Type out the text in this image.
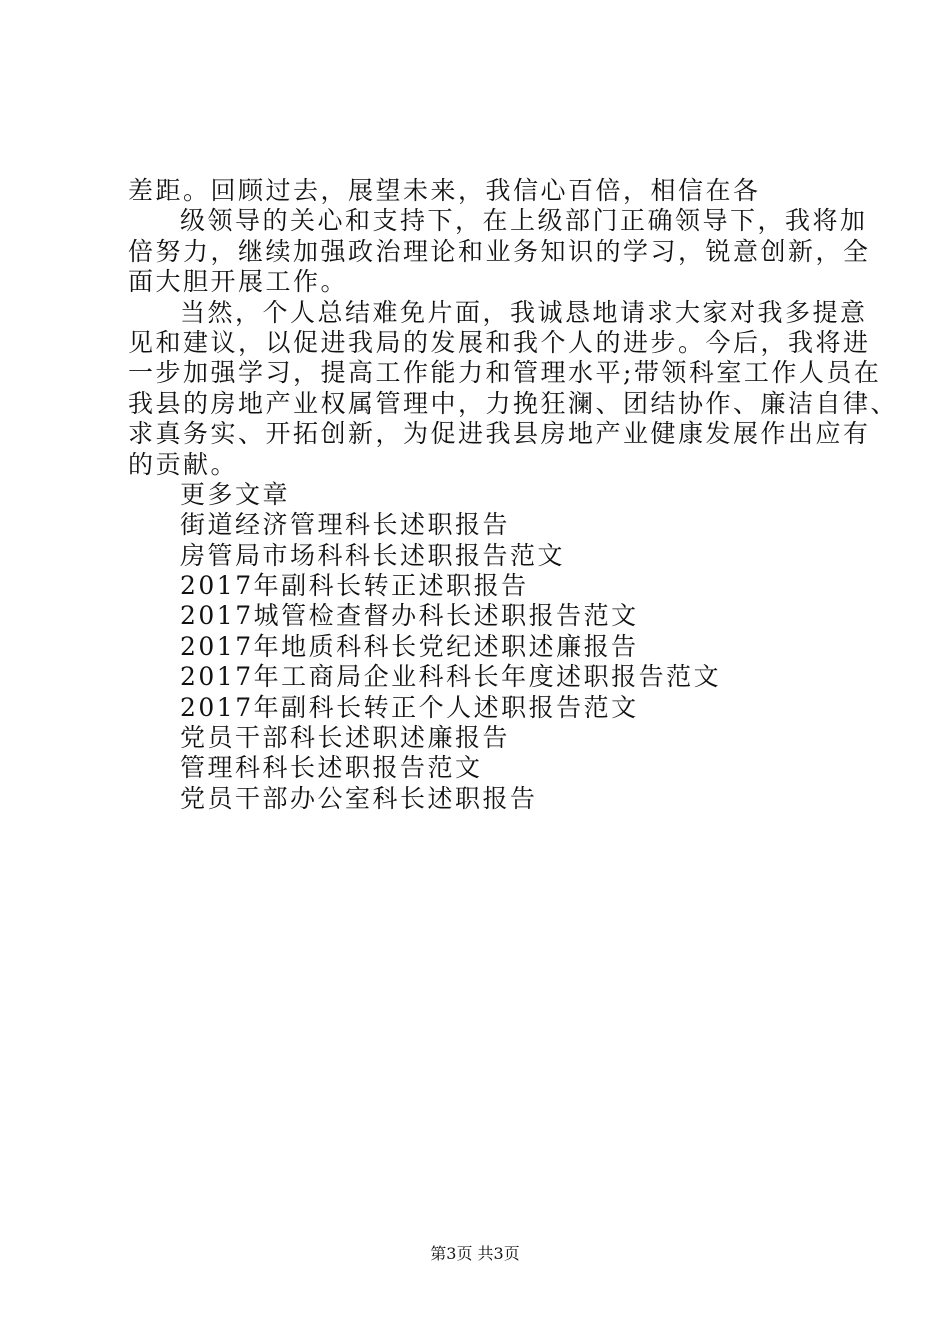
差距。回顾过去，展望未来，我信心百倍，相信在各
级领导的关心和支持下，在上级部门正确领导下，我将加
倍努力，继续加强政治理论和业务知识的学习，锐意创新，全
面大胆开展工作。
当然，个人总结难免片面，我诚恳地请求大家对我多提意
见和建议，以促进我局的发展和我个人的进步。今后，我将进
一步加强学习，提高工作能力和管理水平;带领科室工作人员在
我县的房地产业权属管理中，力挽狂澜、团结协作、廉洁自律、
求真务实、开拓创新，为促进我县房地产业健康发展作出应有
的贡献。
更多文章
街道经济管理科长述职报告
房管局市场科科长述职报告范文
2017年副科长转正述职报告
2017城管检查督办科长述职报告范文
2017年地质科科长党纪述职述廉报告
2017年工商局企业科科长年度述职报告范文
2017年副科长转正个人述职报告范文
党员干部科长述职述廉报告
管理科科长述职报告范文
党员干部办公室科长述职报告
第3页 共3页
